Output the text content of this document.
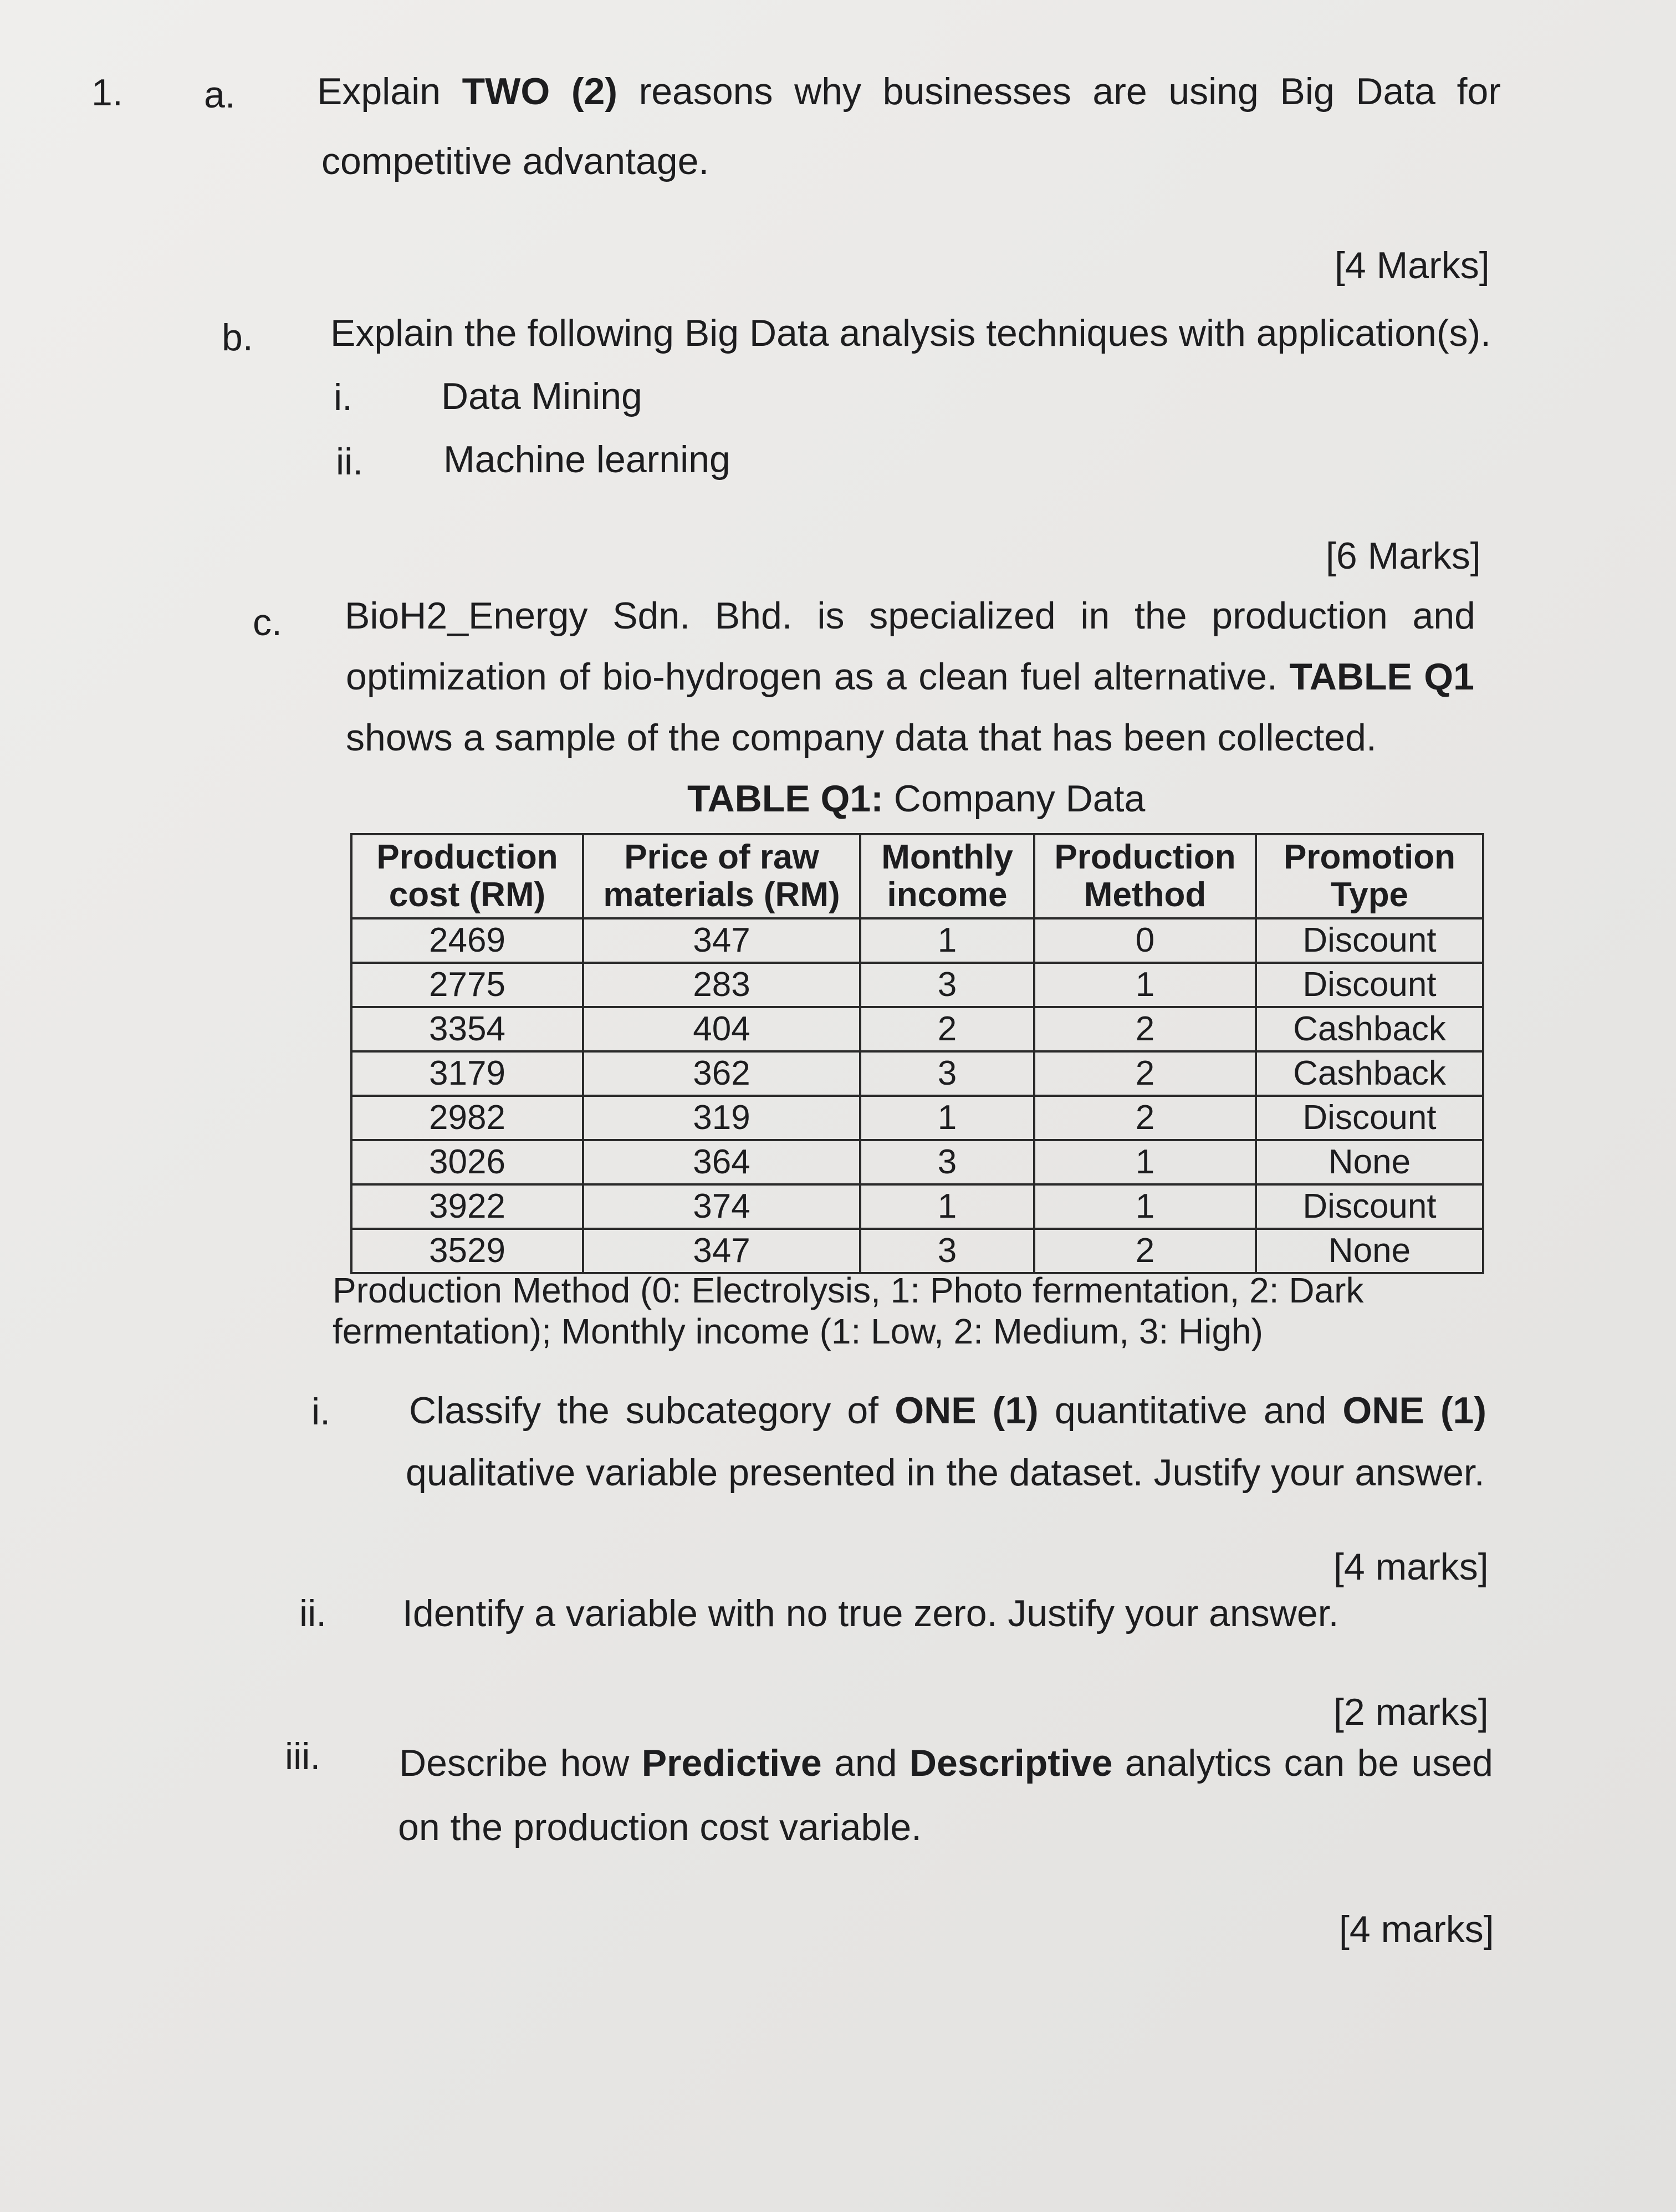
1. a. Explain TWO (2) reasons why businesses are using Big Data for
competitive advantage.
[4 Marks]
b. Explain the following Big Data analysis techniques with application(s).
i. Data Mining
ii. Machine learning
[6 Marks]
c. BioH2_Energy Sdn. Bhd. is specialized in the production and
optimization of bio-hydrogen as a clean fuel alternative. TABLE Q1
shows a sample of the company data that has been collected.
TABLE Q1: Company Data
Production cost (RM)	Price of raw materials (RM)	Monthly income	Production Method	Promotion Type
2469	347	1	0	Discount
2775	283	3	1	Discount
3354	404	2	2	Cashback
3179	362	3	2	Cashback
2982	319	1	2	Discount
3026	364	3	1	None
3922	374	1	1	Discount
3529	347	3	2	None
Production Method (0: Electrolysis, 1: Photo fermentation, 2: Dark
fermentation); Monthly income (1: Low, 2: Medium, 3: High)
i. Classify the subcategory of ONE (1) quantitative and ONE (1)
qualitative variable presented in the dataset. Justify your answer.
[4 marks]
ii. Identify a variable with no true zero. Justify your answer.
[2 marks]
iii. Describe how Predictive and Descriptive analytics can be used
on the production cost variable.
[4 marks]
